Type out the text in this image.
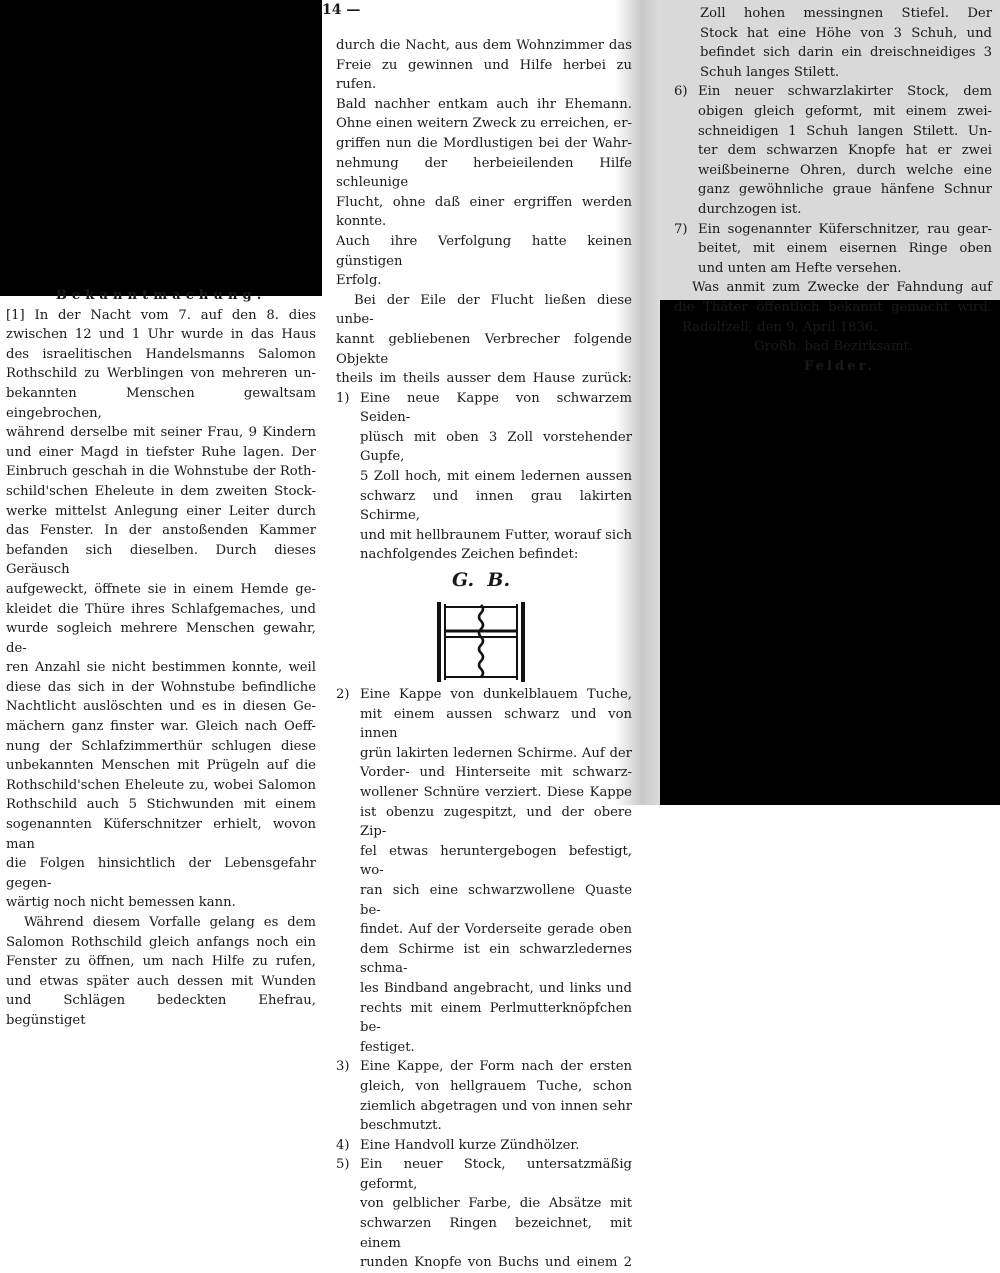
14 —

Bekanntmachung.

[1] In der Nacht vom 7. auf den 8. dies

zwischen 12 und 1 Uhr wurde in das Haus

des israelitischen Handelsmanns Salomon

Rothschild zu Werblingen von mehreren un-

bekannten Menschen gewaltsam eingebrochen,

während derselbe mit seiner Frau, 9 Kindern

und einer Magd in tiefster Ruhe lagen. Der

Einbruch geschah in die Wohnstube der Roth-

schild'schen Eheleute in dem zweiten Stock-

werke mittelst Anlegung einer Leiter durch

das Fenster. In der anstoßenden Kammer

befanden sich dieselben. Durch dieses Geräusch

aufgeweckt, öffnete sie in einem Hemde ge-

kleidet die Thüre ihres Schlafgemaches, und

wurde sogleich mehrere Menschen gewahr, de-

ren Anzahl sie nicht bestimmen konnte, weil

diese das sich in der Wohnstube befindliche

Nachtlicht auslöschten und es in diesen Ge-

mächern ganz finster war. Gleich nach Oeff-

nung der Schlafzimmerthür schlugen diese

unbekannten Menschen mit Prügeln auf die

Rothschild'schen Eheleute zu, wobei Salomon

Rothschild auch 5 Stichwunden mit einem

sogenannten Küferschnitzer erhielt, wovon man

die Folgen hinsichtlich der Lebensgefahr gegen-

wärtig noch nicht bemessen kann.

Während diesem Vorfalle gelang es dem

Salomon Rothschild gleich anfangs noch ein

Fenster zu öffnen, um nach Hilfe zu rufen,

und etwas später auch dessen mit Wunden

und Schlägen bedeckten Ehefrau, begünstiget

durch die Nacht, aus dem Wohnzimmer das

Freie zu gewinnen und Hilfe herbei zu rufen.

Bald nachher entkam auch ihr Ehemann.

Ohne einen weitern Zweck zu erreichen, er-

griffen nun die Mordlustigen bei der Wahr-

nehmung der herbeieilenden Hilfe schleunige

Flucht, ohne daß einer ergriffen werden konnte.

Auch ihre Verfolgung hatte keinen günstigen

Erfolg.

Bei der Eile der Flucht ließen diese unbe-

kannt gebliebenen Verbrecher folgende Objekte

theils im theils ausser dem Hause zurück:

1) Eine neue Kappe von schwarzem Seiden-

plüsch mit oben 3 Zoll vorstehender Gupfe,

5 Zoll hoch, mit einem ledernen aussen

schwarz und innen grau lakirten Schirme,

und mit hellbraunem Futter, worauf sich

nachfolgendes Zeichen befindet:

G.  B.
2) Eine Kappe von dunkelblauem Tuche,

mit einem aussen schwarz und von innen

grün lakirten ledernen Schirme. Auf der

Vorder- und Hinterseite mit schwarz-

wollener Schnüre verziert. Diese Kappe

ist obenzu zugespitzt, und der obere Zip-

fel etwas heruntergebogen befestigt, wo-

ran sich eine schwarzwollene Quaste be-

findet. Auf der Vorderseite gerade oben

dem Schirme ist ein schwarzledernes schma-

les Bindband angebracht, und links und

rechts mit einem Perlmutterknöpfchen be-

festiget.

3) Eine Kappe, der Form nach der ersten

gleich, von hellgrauem Tuche, schon

ziemlich abgetragen und von innen sehr

beschmutzt.

4) Eine Handvoll kurze Zündhölzer.

5) Ein neuer Stock, untersatzmäßig geformt,

von gelblicher Farbe, die Absätze mit

schwarzen Ringen bezeichnet, mit einem

runden Knopfe von Buchs und einem 2

Zoll hohen messingnen Stiefel. Der

Stock hat eine Höhe von 3 Schuh, und

befindet sich darin ein dreischneidiges 3

Schuh langes Stilett.

6) Ein neuer schwarzlakirter Stock, dem

obigen gleich geformt, mit einem zwei-

schneidigen 1 Schuh langen Stilett. Un-

ter dem schwarzen Knopfe hat er zwei

weißbeinerne Ohren, durch welche eine

ganz gewöhnliche graue hänfene Schnur

durchzogen ist.

7) Ein sogenannter Küferschnitzer, rau gear-

beitet, mit einem eisernen Ringe oben

und unten am Hefte versehen.

Was anmit zum Zwecke der Fahndung auf

die Thäter öffentlich bekannt gemacht wird.

Radolfzell, den 9. April 1836.

Großh. bad Bezirksamt.

Felder.
